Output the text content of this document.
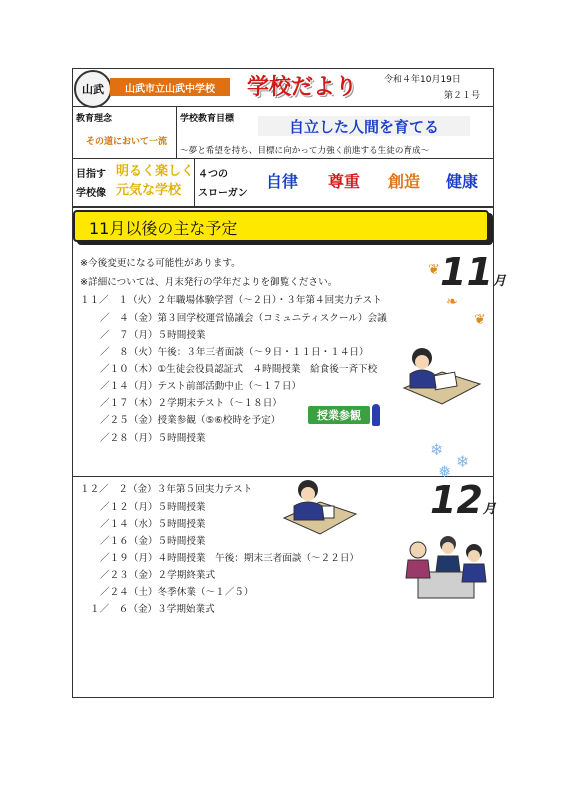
山武	山武市立山武中学校	学校だより	令和４年10月19日
第２１号
教育理念
その道において一流
学校教育目標	自立した人間を育てる
～夢と希望を持ち、目標に向かって力強く前進する生徒の育成～
目指す
学校像
明るく楽しく
元気な学校
４つの
スローガン
自律 尊重 創造 健康
11月以後の主な予定
※今後変更になる可能性があります。
※詳細については、月末発行の学年だよりを御覧ください。
１１／　１（火）２年職場体験学習（～２日）・３年第４回実力テスト
／　４（金）第３回学校運営協議会（コミュニティスクール）会議
／　７（月）５時間授業
／　８（火）午後：３年三者面談（～９日・１１日・１４日）
／１０（木）①生徒会役員認証式　４時間授業　給食後一斉下校
／１４（月）テスト前部活動中止（～１７日）
／１７（木）２学期末テスト（～１８日）
／２５（金）授業参観（⑤⑥校時を予定）
／２８（月）５時間授業
授業参観
１２／　２（金）３年第５回実力テスト
／１２（月）５時間授業
／１４（水）５時間授業
／１６（金）５時間授業
／１９（月）４時間授業　午後：期末三者面談（～２２日）
／２３（金）２学期終業式
／２４（土）冬季休業（～１／５）
１／　６（金）３学期始業式
11月
❦
❧
❦
❄
❄
❅
12月
